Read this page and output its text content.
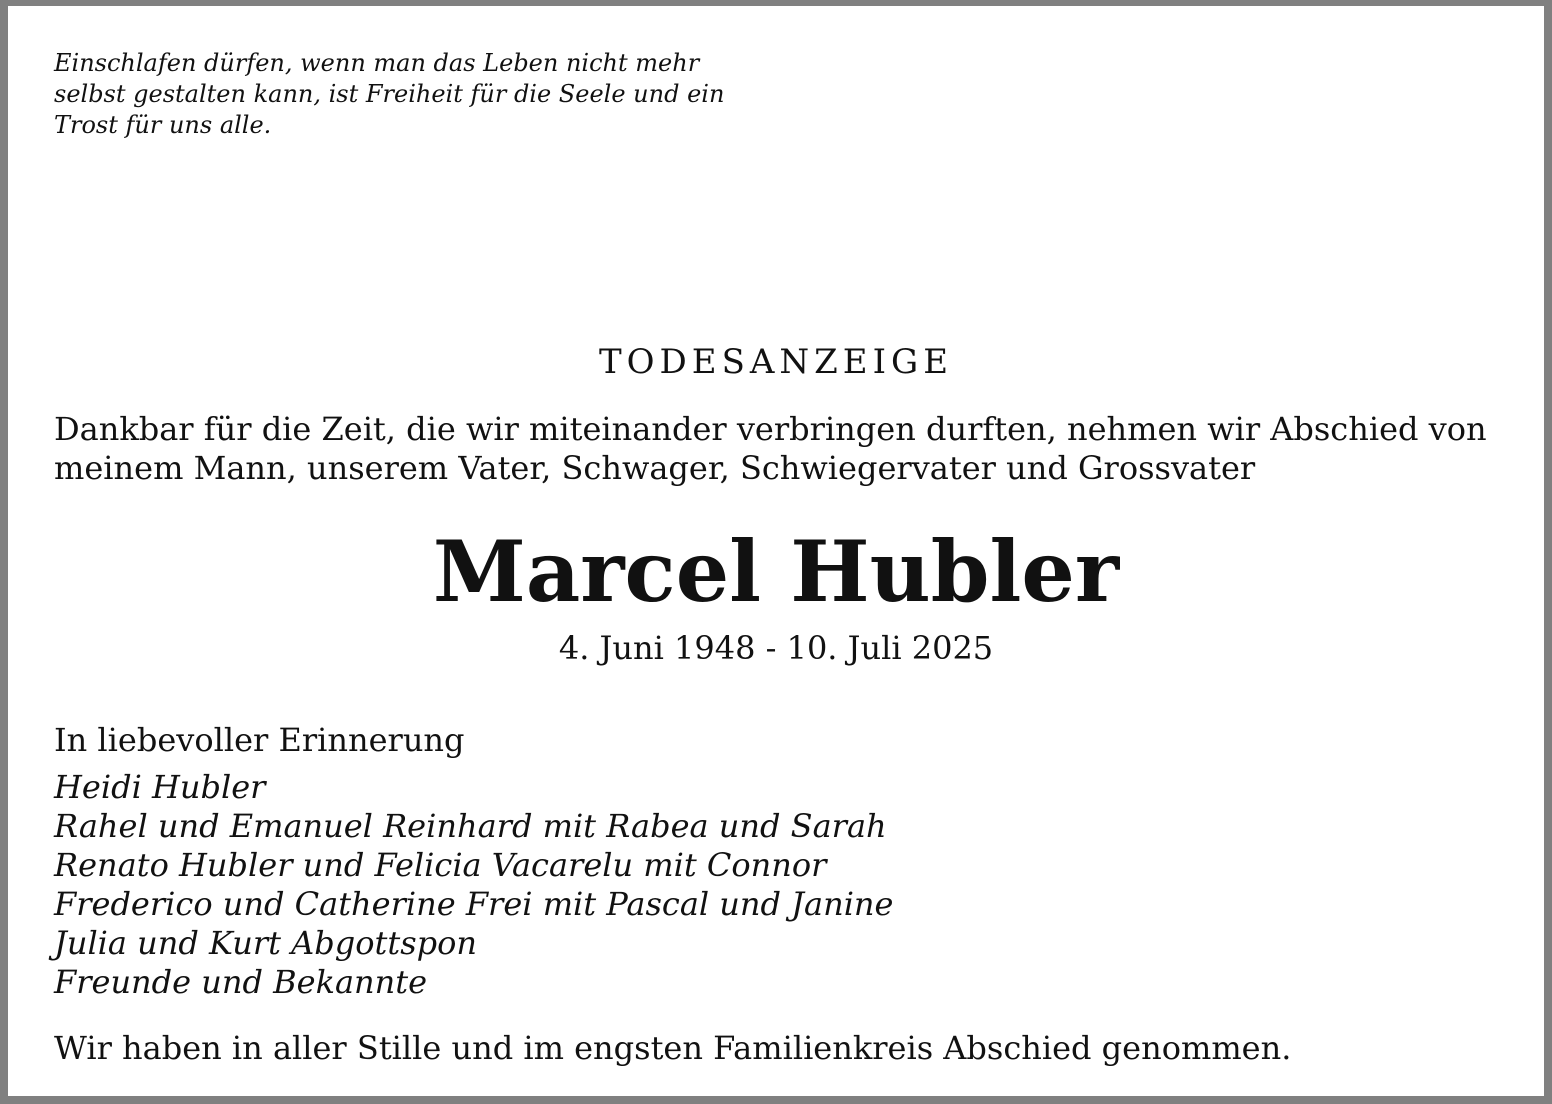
Einschlafen dürfen, wenn man das Leben nicht mehr
selbst gestalten kann, ist Freiheit für die Seele und ein
Trost für uns alle.

TODESANZEIGE

Dankbar für die Zeit, die wir miteinander verbringen durften, nehmen wir Abschied von
meinem Mann, unserem Vater, Schwager, Schwiegervater und Grossvater

Marcel Hubler

4. Juni 1948 - 10. Juli 2025

In liebevoller Erinnerung

Heidi Hubler
Rahel und Emanuel Reinhard mit Rabea und Sarah
Renato Hubler und Felicia Vacarelu mit Connor
Frederico und Catherine Frei mit Pascal und Janine
Julia und Kurt Abgottspon
Freunde und Bekannte

Wir haben in aller Stille und im engsten Familienkreis Abschied genommen.
